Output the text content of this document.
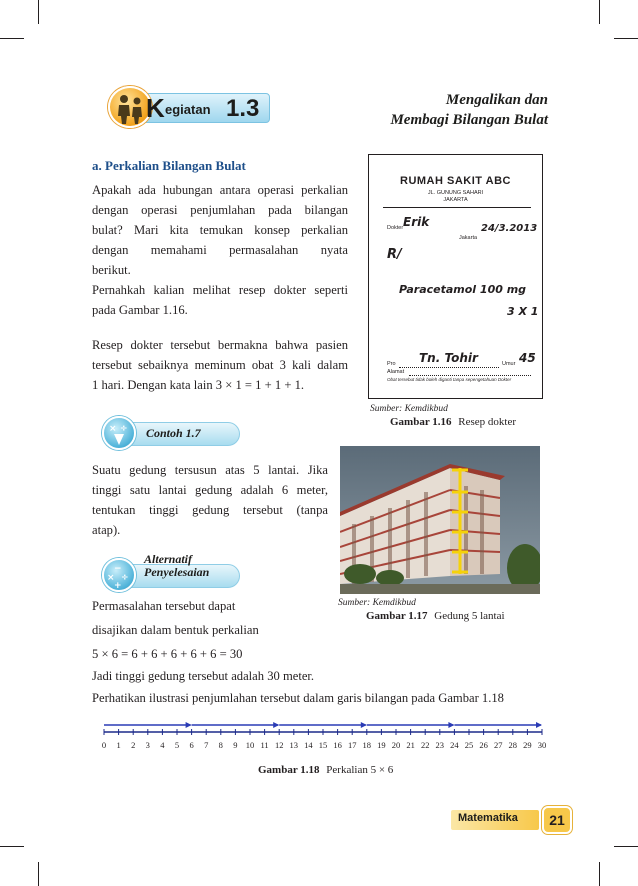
K egiatan 1.3	Mengalikan dan
Membagi Bilangan Bulat
a. Perkalian Bilangan Bulat
Apakah ada hubungan antara operasi perkalian
dengan operasi penjumlahan pada bilangan
bulat? Mari kita temukan konsep perkalian
dengan memahami permasalahan nyata
berikut.
Pernahkah kalian melihat resep dokter seperti
pada Gambar 1.16.
Resep dokter tersebut bermakna bahwa pasien
tersebut sebaiknya meminum obat 3 kali dalam
1 hari. Dengan kata lain 3 × 1 = 1 + 1 + 1.
RUMAH SAKIT ABC
JL. GUNUNG SAHARI
JAKARTA
Dokter Erik
Jakarta
24/3.2013
R/
Paracetamol 100 mg
3 X 1
Pro Tn. Tohir	Umur 45
Alamat
Obat tersebut tidak boleh diganti tanpa sepengetahuan Dokter
Sumber: Kemdikbud
Gambar 1.16 Resep dokter
× ÷ Contoh 1.7
Suatu gedung tersusun atas 5 lantai. Jika
tinggi satu lantai gedung adalah 6 meter,
tentukan tinggi gedung tersebut (tanpa
atap).
−
× ÷
+
Alternatif
Penyelesaian
Sumber: Kemdikbud
Gambar 1.17 Gedung 5 lantai
Permasalahan tersebut dapat
disajikan dalam bentuk perkalian
5 × 6 = 6 + 6 + 6 + 6 + 6 = 30
Jadi tinggi gedung tersebut adalah 30 meter.
Perhatikan ilustrasi penjumlahan tersebut dalam garis bilangan pada Gambar 1.18
0 1 2 3 4 5 6 7 8 9 10 11 12 13 14 15 16 17 18 19 20 21 22 23 24 25 26 27 28 29 30
Gambar 1.18 Perkalian 5 × 6
Matematika	21
